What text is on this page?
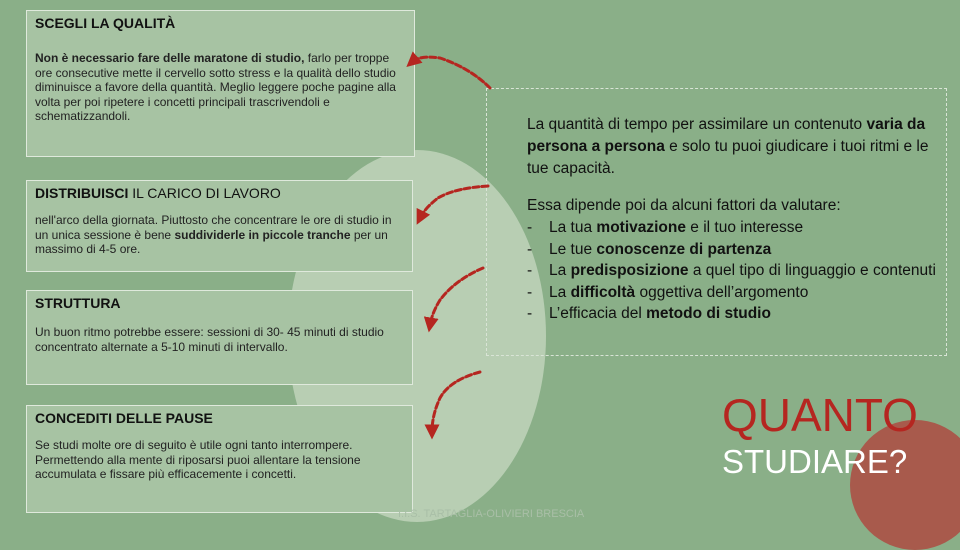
SCEGLI LA QUALITÀ

Non è necessario fare delle maratone di studio, farlo per troppe ore consecutive mette il cervello sotto stress e la qualità dello studio diminuisce a favore della quantità. Meglio leggere poche pagine alla volta per poi ripetere i concetti principali trascrivendoli e schematizzandoli.

DISTRIBUISCI IL CARICO DI LAVORO

nell'arco della giornata. Piuttosto che concentrare le ore di studio in un unica sessione è bene suddividerle in piccole tranche per un massimo di 4-5 ore.

STRUTTURA

Un buon ritmo potrebbe essere: sessioni di 30- 45 minuti di studio concentrato alternate a 5-10 minuti di intervallo.

CONCEDITI DELLE PAUSE

Se studi molte ore di seguito è utile ogni tanto interrompere. Permettendo alla mente di riposarsi puoi allentare la tensione accumulata e fissare più efficacemente i concetti.

La quantità di tempo per assimilare un contenuto varia da persona a persona e solo tu puoi giudicare i tuoi ritmi e le tue capacità.

Essa dipende poi da alcuni fattori da valutare:

- La tua motivazione e il tuo interesse
- Le tue conoscenze di partenza
- La predisposizione a quel tipo di linguaggio e contenuti
- La difficoltà oggettiva dell’argomento
- L’efficacia del metodo di studio
QUANTO
STUDIARE?
I.I.S. TARTAGLIA-OLIVIERI BRESCIA
